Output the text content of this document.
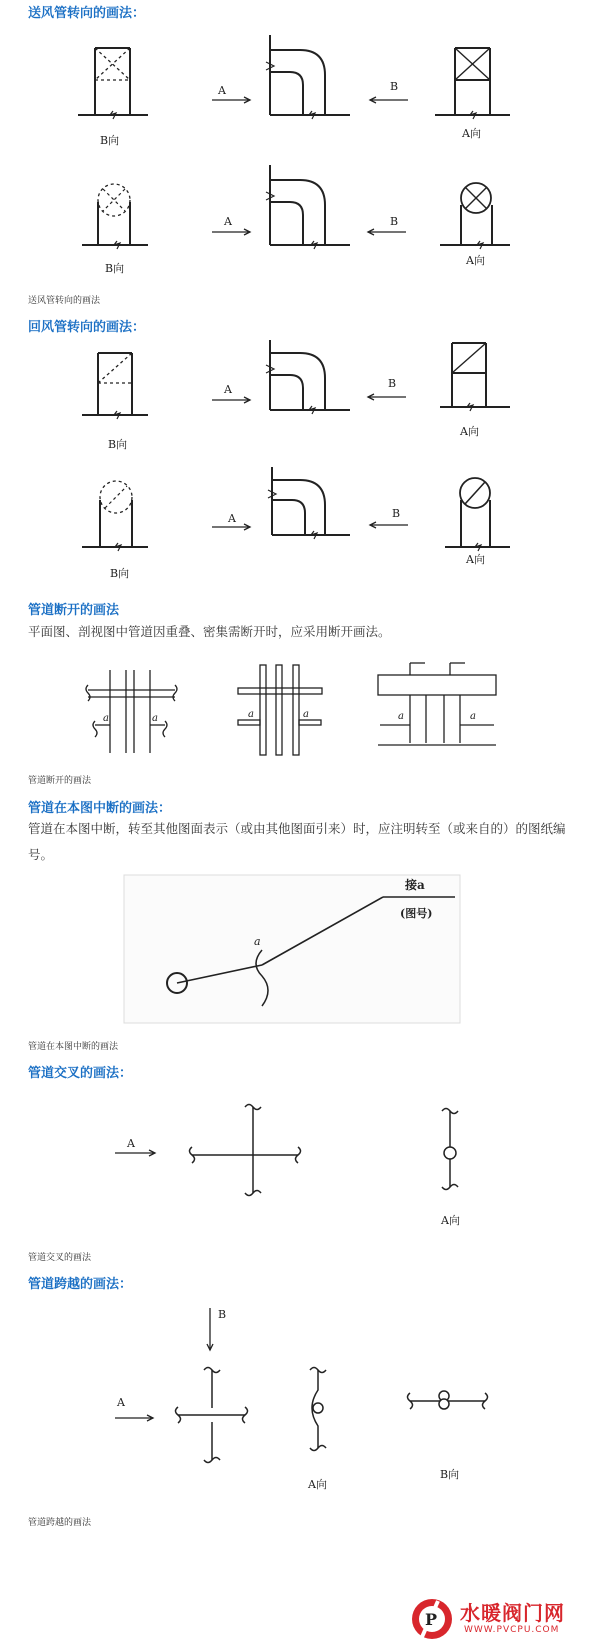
送风管转向的画法：
B向
A	B
A向
B向
A	B
A向
送风管转向的画法
回风管转向的画法：
B向
A	B
A向
B向
A	B
A向
管道断开的画法
平面图、剖视图中管道因重叠、密集需断开时，应采用断开画法。
a	a	a	a	a	a
管道断开的画法
管道在本图中断的画法：
管道在本图中断，转至其他图面表示（或由其他图面引来）时，应注明转至（或来自的）的图纸编号。
a
接a
(图号)
管道在本图中断的画法
管道交叉的画法：
A
A向
管道交叉的画法
管道跨越的画法：
B
A
A向
B向
管道跨越的画法
P 水暖阀门网
WWW.PVCPU.COM
